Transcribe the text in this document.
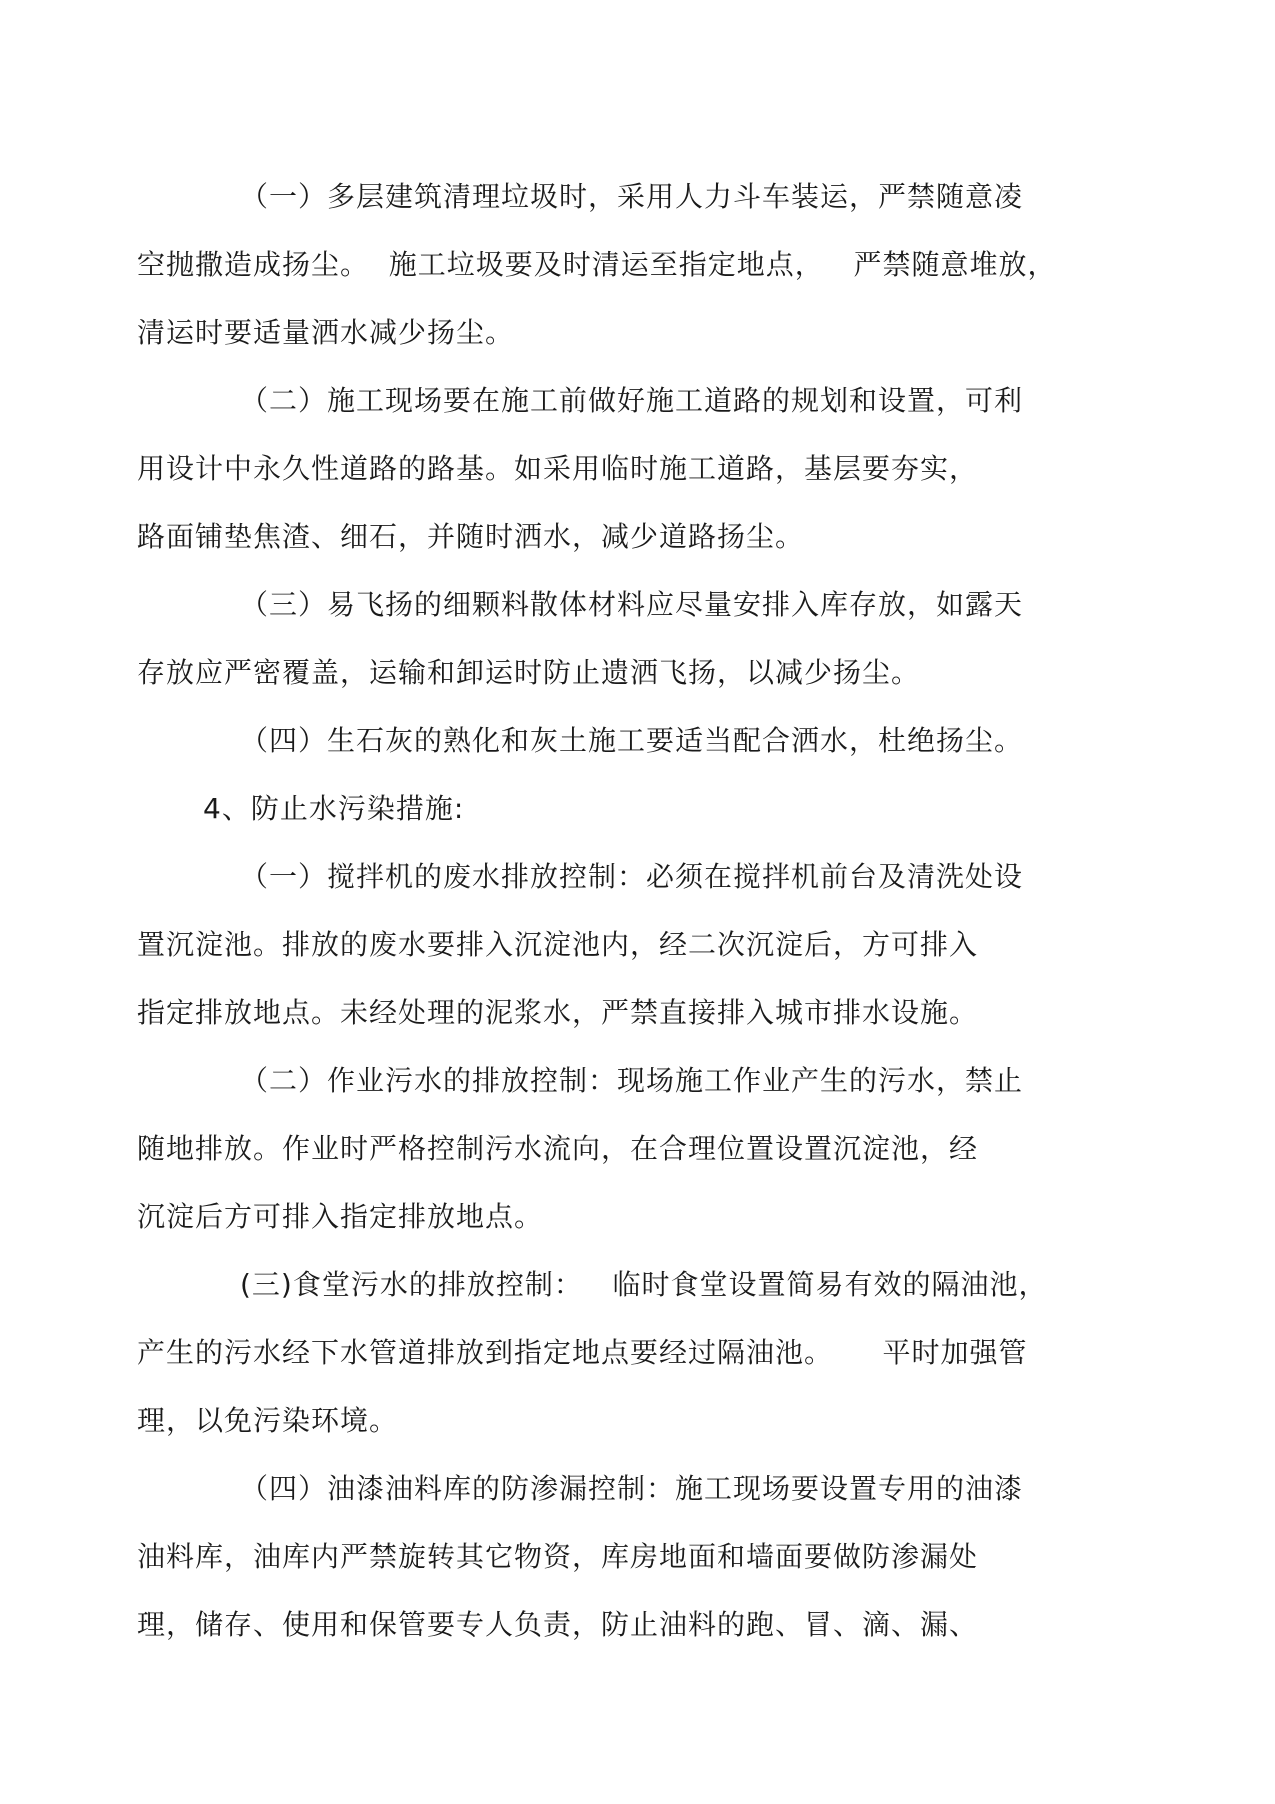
（一）多层建筑清理垃圾时，采用人力斗车装运，严禁随意凌
空抛撒造成扬尘。  施工垃圾要及时清运至指定地点，   严禁随意堆放，
清运时要适量洒水减少扬尘。
（二）施工现场要在施工前做好施工道路的规划和设置，可利
用设计中永久性道路的路基。如采用临时施工道路，基层要夯实，
路面铺垫焦渣、细石，并随时洒水，减少道路扬尘。
（三）易飞扬的细颗料散体材料应尽量安排入库存放，如露天
存放应严密覆盖，运输和卸运时防止遗洒飞扬，以减少扬尘。
（四）生石灰的熟化和灰土施工要适当配合洒水，杜绝扬尘。
4、防止水污染措施:
（一）搅拌机的废水排放控制：必须在搅拌机前台及清洗处设
置沉淀池。排放的废水要排入沉淀池内，经二次沉淀后，方可排入
指定排放地点。未经处理的泥浆水，严禁直接排入城市排水设施。
（二）作业污水的排放控制：现场施工作业产生的污水，禁止
随地排放。作业时严格控制污水流向，在合理位置设置沉淀池，经
沉淀后方可排入指定排放地点。
(三)食堂污水的排放控制：   临时食堂设置简易有效的隔油池，
产生的污水经下水管道排放到指定地点要经过隔油池。     平时加强管
理，以免污染环境。
（四）油漆油料库的防渗漏控制：施工现场要设置专用的油漆
油料库，油库内严禁旋转其它物资，库房地面和墙面要做防渗漏处
理，储存、使用和保管要专人负责，防止油料的跑、冒、滴、漏、
